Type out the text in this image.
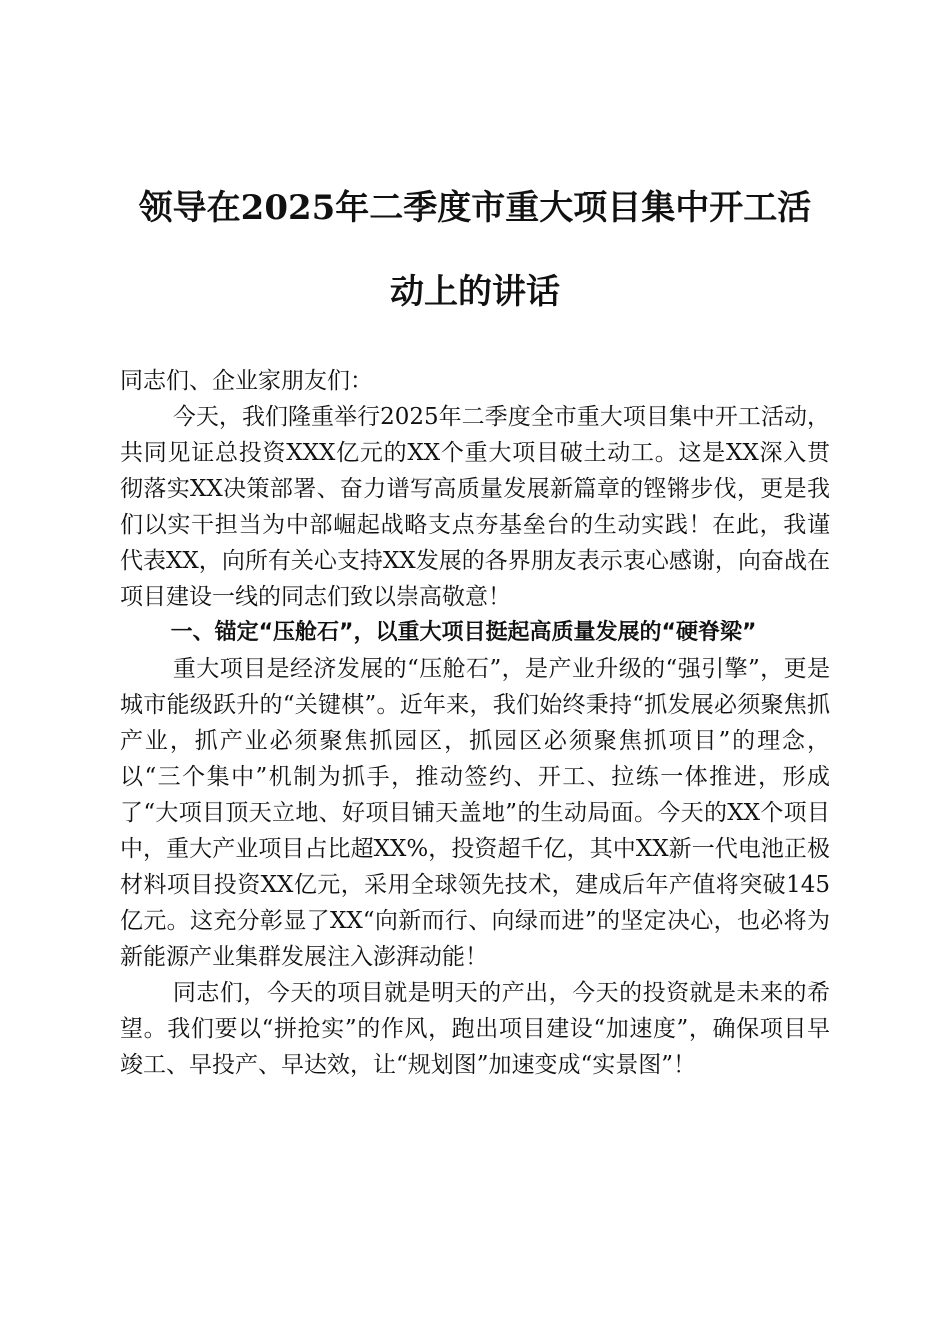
领导在2025年二季度市重大项目集中开工活
动上的讲话

同志们、企业家朋友们：

今天，我们隆重举行2025年二季度全市重大项目集中开工活动，共同见证总投资XXX亿元的XX个重大项目破土动工。这是XX深入贯彻落实XX决策部署、奋力谱写高质量发展新篇章的铿锵步伐，更是我们以实干担当为中部崛起战略支点夯基垒台的生动实践！在此，我谨代表XX，向所有关心支持XX发展的各界朋友表示衷心感谢，向奋战在项目建设一线的同志们致以崇高敬意！

一、锚定“压舱石”，以重大项目挺起高质量发展的“硬脊梁”

重大项目是经济发展的“压舱石”，是产业升级的“强引擎”，更是城市能级跃升的“关键棋”。近年来，我们始终秉持“抓发展必须聚焦抓产业，抓产业必须聚焦抓园区，抓园区必须聚焦抓项目”的理念，以“三个集中”机制为抓手，推动签约、开工、拉练一体推进，形成了“大项目顶天立地、好项目铺天盖地”的生动局面。今天的XX个项目中，重大产业项目占比超XX%，投资超千亿，其中XX新一代电池正极材料项目投资XX亿元，采用全球领先技术，建成后年产值将突破145亿元。这充分彰显了XX“向新而行、向绿而进”的坚定决心，也必将为新能源产业集群发展注入澎湃动能！

同志们，今天的项目就是明天的产出，今天的投资就是未来的希望。我们要以“拼抢实”的作风，跑出项目建设“加速度”，确保项目早竣工、早投产、早达效，让“规划图”加速变成“实景图”！
